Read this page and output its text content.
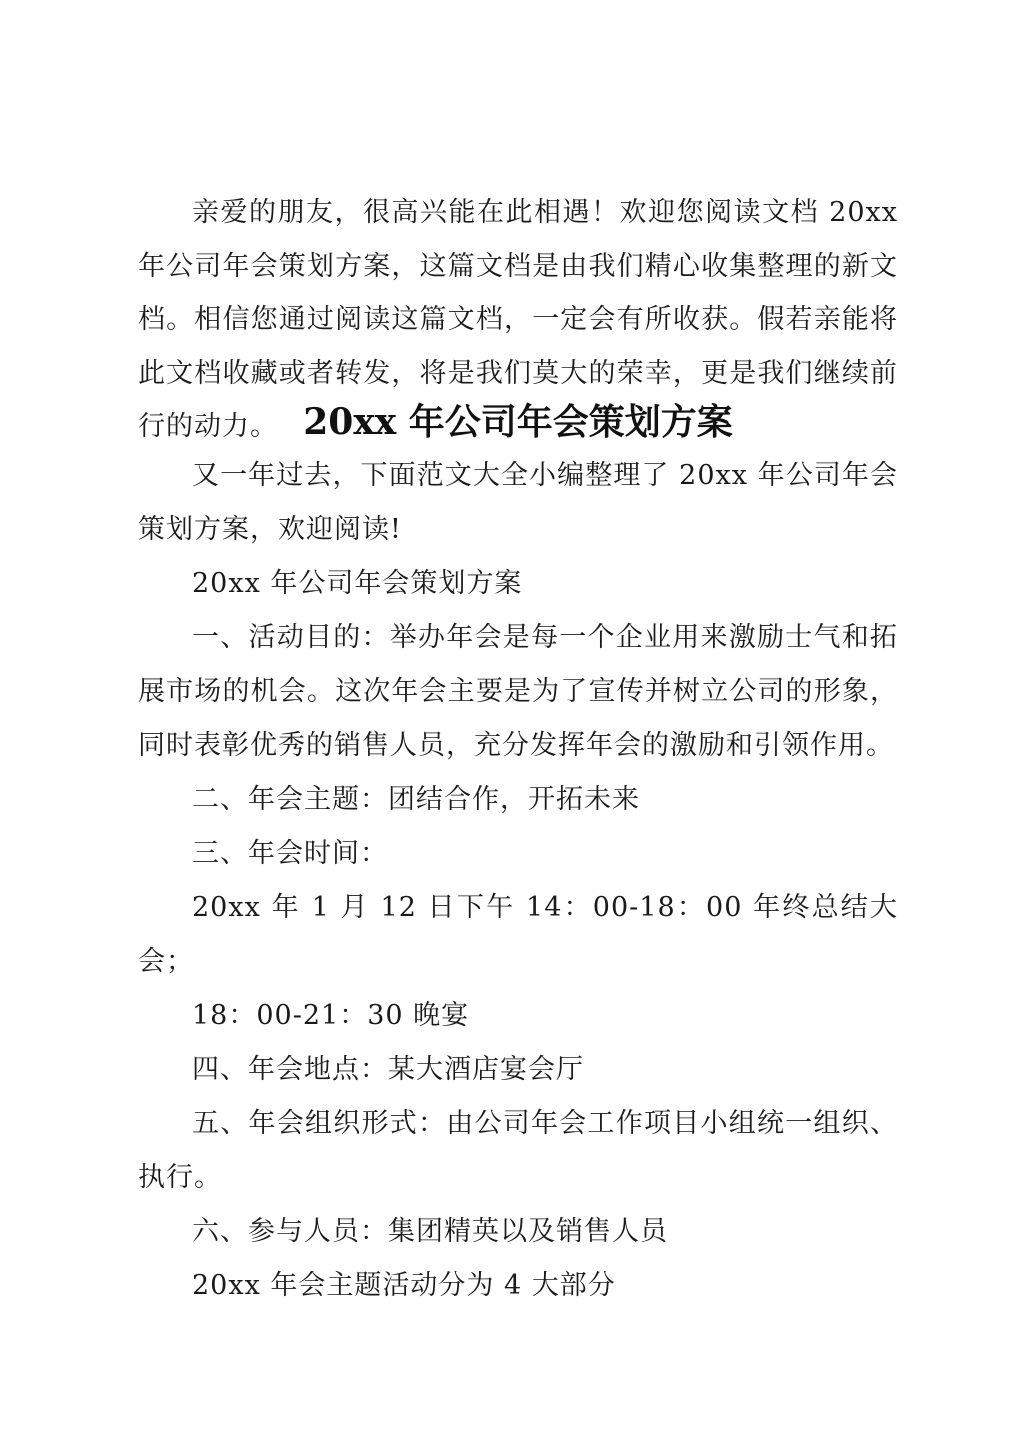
亲爱的朋友，很高兴能在此相遇！欢迎您阅读文档 20xx 年公司年会策划方案，这篇文档是由我们精心收集整理的新文档。相信您通过阅读这篇文档，一定会有所收获。假若亲能将此文档收藏或者转发，将是我们莫大的荣幸，更是我们继续前行的动力。 20xx 年公司年会策划方案

又一年过去，下面范文大全小编整理了 20xx 年公司年会策划方案，欢迎阅读!

20xx 年公司年会策划方案

一、活动目的：举办年会是每一个企业用来激励士气和拓展市场的机会。这次年会主要是为了宣传并树立公司的形象，同时表彰优秀的销售人员，充分发挥年会的激励和引领作用。

二、年会主题：团结合作，开拓未来

三、年会时间：

20xx 年 1 月 12 日下午 14：00-18：00 年终总结大会；

18：00-21：30 晚宴

四、年会地点：某大酒店宴会厅

五、年会组织形式：由公司年会工作项目小组统一组织、执行。

六、参与人员：集团精英以及销售人员

20xx 年会主题活动分为 4 大部分
